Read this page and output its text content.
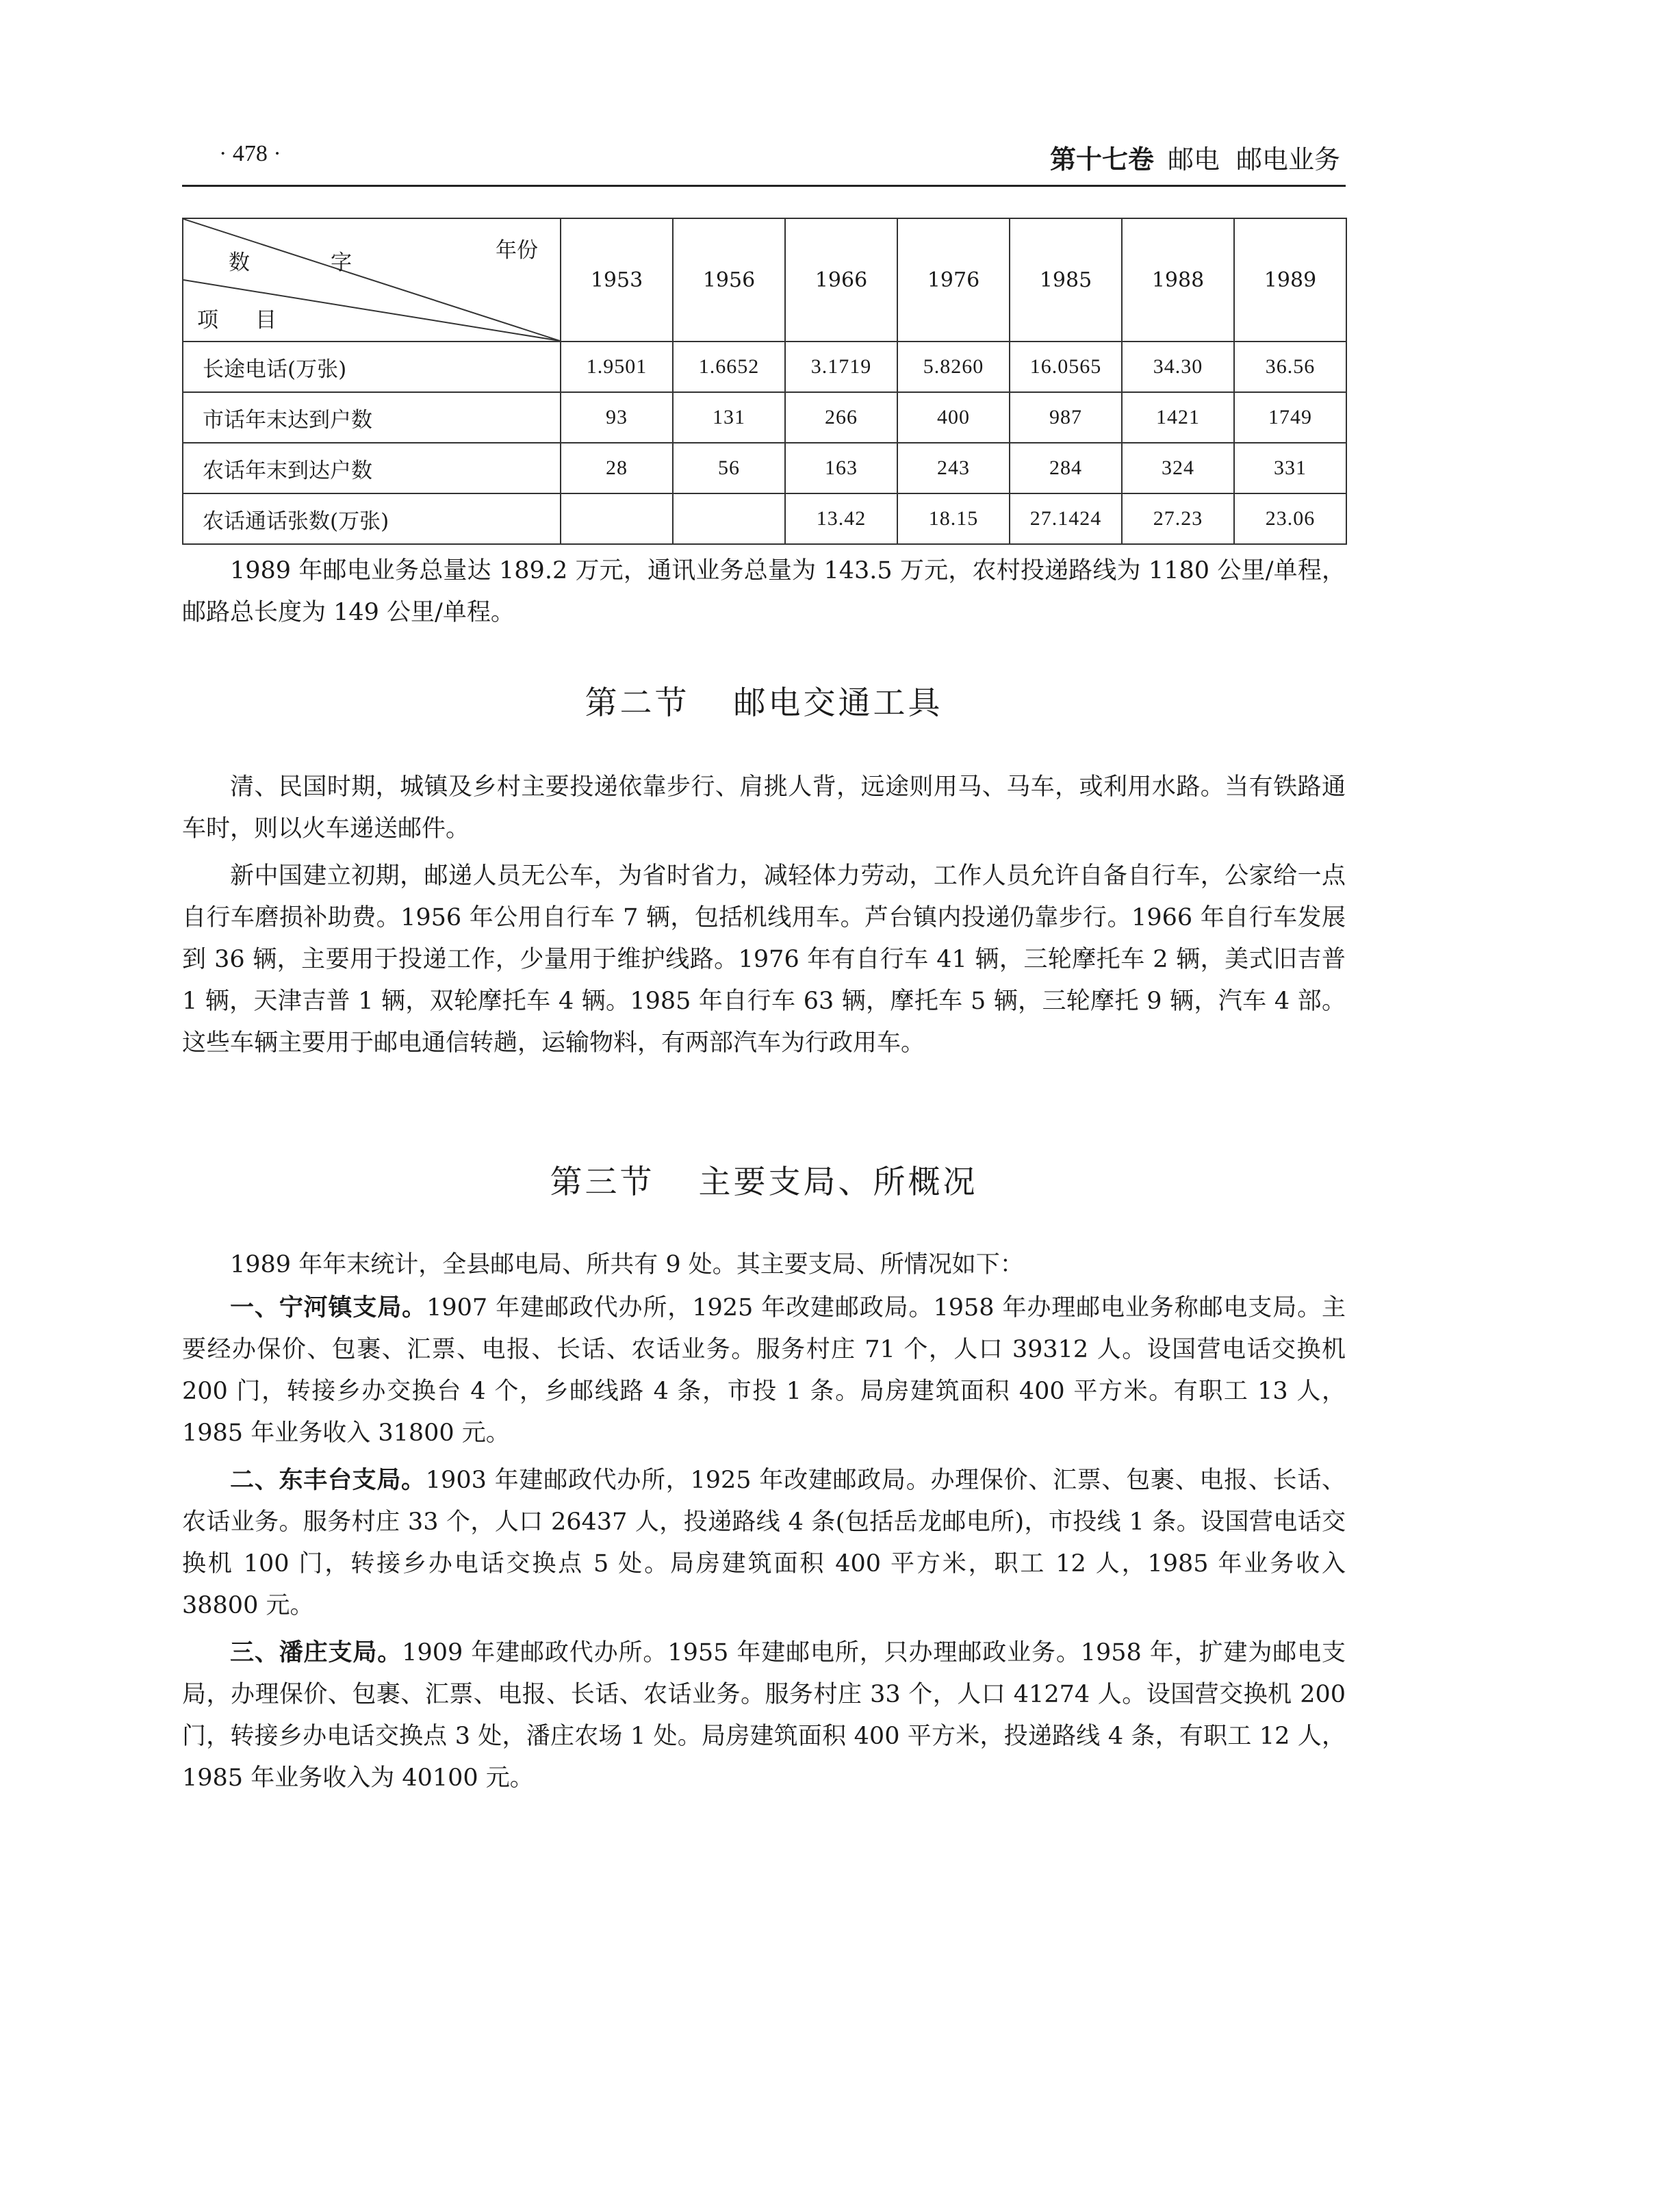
· 478 ·	第十七卷 邮电 邮电业务
年份
数字
项目	1953	1956	1966	1976	1985	1988	1989
长途电话(万张)	1.9501	1.6652	3.1719	5.8260	16.0565	34.30	36.56
市话年末达到户数	93	131	266	400	987	1421	1749
农话年末到达户数	28	56	163	243	284	324	331
农话通话张数(万张)			13.42	18.15	27.1424	27.23	23.06

1989 年邮电业务总量达 189.2 万元，通讯业务总量为 143.5 万元，农村投递路线为 1180 公里/单程，邮路总长度为 149 公里/单程。

第二节 邮电交通工具

清、民国时期，城镇及乡村主要投递依靠步行、肩挑人背，远途则用马、马车，或利用水路。当有铁路通车时，则以火车递送邮件。

新中国建立初期，邮递人员无公车，为省时省力，减轻体力劳动，工作人员允许自备自行车，公家给一点自行车磨损补助费。1956 年公用自行车 7 辆，包括机线用车。芦台镇内投递仍靠步行。1966 年自行车发展到 36 辆，主要用于投递工作，少量用于维护线路。1976 年有自行车 41 辆，三轮摩托车 2 辆，美式旧吉普 1 辆，天津吉普 1 辆，双轮摩托车 4 辆。1985 年自行车 63 辆，摩托车 5 辆，三轮摩托 9 辆，汽车 4 部。这些车辆主要用于邮电通信转趟，运输物料，有两部汽车为行政用车。

第三节 主要支局、所概况

1989 年年末统计，全县邮电局、所共有 9 处。其主要支局、所情况如下：

一、宁河镇支局。1907 年建邮政代办所，1925 年改建邮政局。1958 年办理邮电业务称邮电支局。主要经办保价、包裹、汇票、电报、长话、农话业务。服务村庄 71 个，人口 39312 人。设国营电话交换机 200 门，转接乡办交换台 4 个，乡邮线路 4 条，市投 1 条。局房建筑面积 400 平方米。有职工 13 人，1985 年业务收入 31800 元。

二、东丰台支局。1903 年建邮政代办所，1925 年改建邮政局。办理保价、汇票、包裹、电报、长话、农话业务。服务村庄 33 个，人口 26437 人，投递路线 4 条(包括岳龙邮电所)，市投线 1 条。设国营电话交换机 100 门，转接乡办电话交换点 5 处。局房建筑面积 400 平方米，职工 12 人，1985 年业务收入 38800 元。

三、潘庄支局。1909 年建邮政代办所。1955 年建邮电所，只办理邮政业务。1958 年，扩建为邮电支局，办理保价、包裹、汇票、电报、长话、农话业务。服务村庄 33 个，人口 41274 人。设国营交换机 200 门，转接乡办电话交换点 3 处，潘庄农场 1 处。局房建筑面积 400 平方米，投递路线 4 条，有职工 12 人，1985 年业务收入为 40100 元。
